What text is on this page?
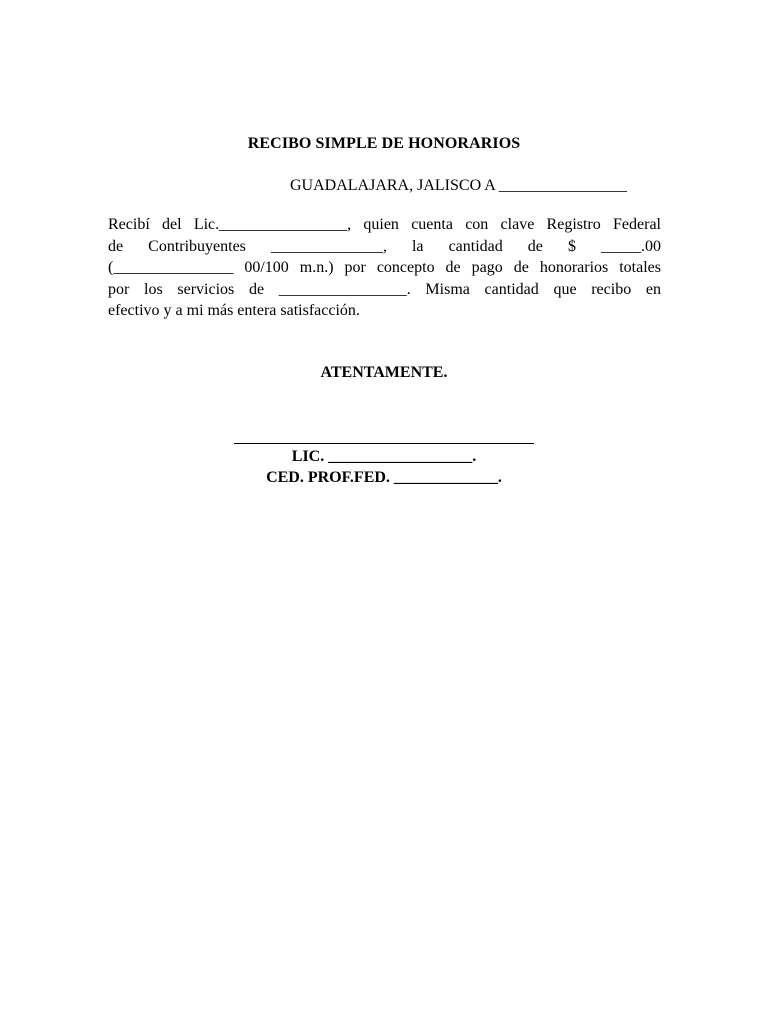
RECIBO SIMPLE DE HONORARIOS
GUADALAJARA, JALISCO A ________________
Recibí del Lic.________________, quien cuenta con clave Registro Federal
de Contribuyentes ______________, la cantidad de $ _____.00
(_______________ 00/100 m.n.) por concepto de pago de honorarios totales
por los servicios de ________________. Misma cantidad que recibo en
efectivo y a mi más entera satisfacción.
ATENTAMENTE.
LIC. __________________.
CED. PROF.FED. _____________.
